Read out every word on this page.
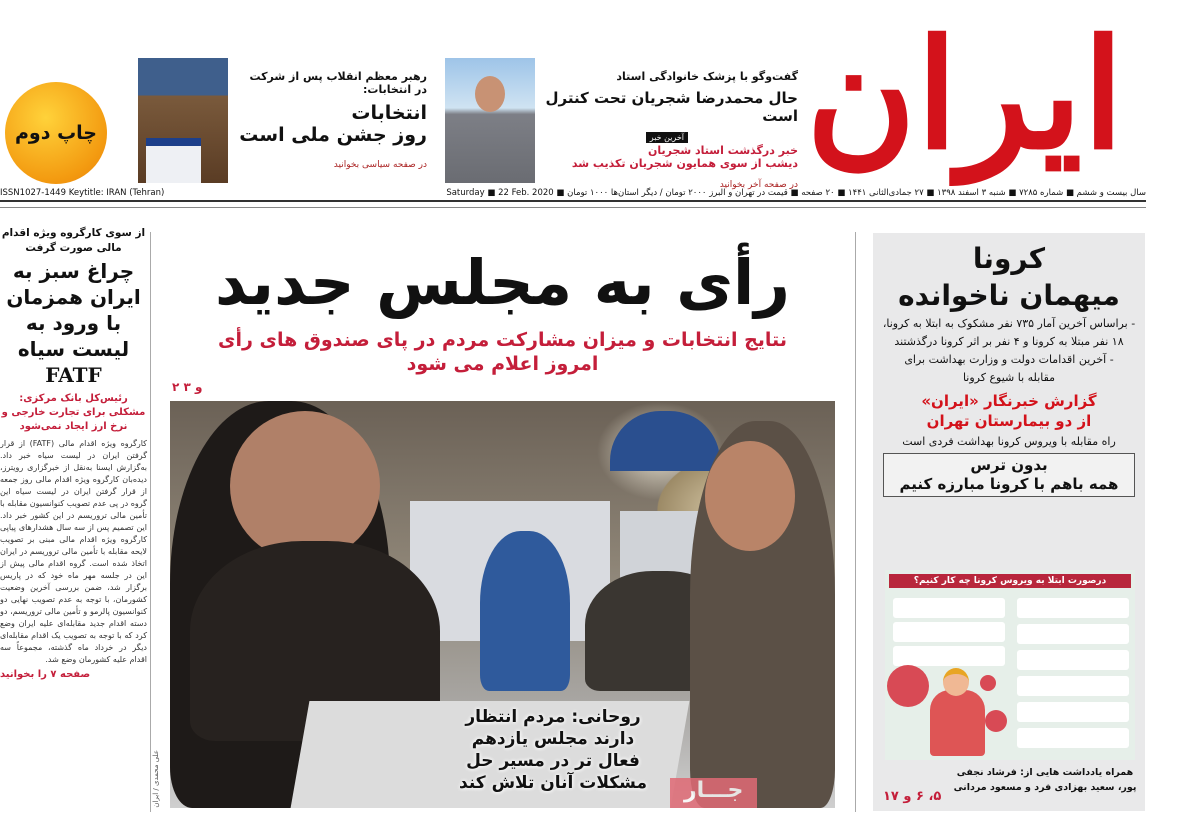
ایران
چاپ دوم
گفت‌وگو با پزشک خانوادگی استاد
حال محمدرضا شجریان تحت کنترل است
آخرین خبر
خبر درگذشت استاد شجریان
دیشب از سوی همایون شجریان تکذیب شد
در صفحه آخر بخوانید
رهبر معظم انقلاب پس از شرکت در انتخابات:
انتخابات
روز جشن ملی است
در صفحه سیاسی بخوانید
ISSN1027-1449 Keytitle: IRAN (Tehran)	سال بیست و ششم ■ شماره ۷۲۸۵ ■ شنبه ۳ اسفند ۱۳۹۸ ■ ۲۷ جمادی‌الثانی ۱۴۴۱ ■ ۲۰ صفحه ■ قیمت در تهران و البرز ۲۰۰۰ تومان / دیگر استان‌ها ۱۰۰۰ تومان ■ Saturday ■ 22 Feb. 2020
از سوی کارگروه ویژه اقدام مالی صورت گرفت
چراغ سبز به ایران همزمان با ورود به لیست سیاه
FATF
رئیس‌کل بانک مرکزی: مشکلی برای تجارت خارجی و نرخ ارز ایجاد نمی‌شود
کارگروه ویژه اقدام مالی (FATF) از قرار گرفتن ایران در لیست سیاه خبر داد. به‌گزارش ایسنا به‌نقل از خبرگزاری رویترز، دیده‌بان کارگروه ویژه اقدام مالی روز جمعه از قرار گرفتن ایران در لیست سیاه این گروه در پی عدم تصویب کنوانسیون مقابله با تأمین مالی تروریسم در این کشور خبر داد. این تصمیم پس از سه سال هشدارهای پیاپی کارگروه ویژه اقدام مالی مبنی بر تصویب لایحه مقابله با تأمین مالی تروریسم در ایران اتخاذ شده است. گروه اقدام مالی پیش از این در جلسه مهر ماه خود که در پاریس برگزار شد، ضمن بررسی آخرین وضعیت کشورمان، با توجه به عدم تصویب نهایی دو کنوانسیون پالرمو و تأمین مالی تروریسم، دو دسته اقدام جدید مقابله‌ای علیه ایران وضع کرد که با توجه به تصویب یک اقدام مقابله‌ای دیگر در خرداد ماه گذشته، مجموعاً سه اقدام علیه کشورمان وضع شد.
صفحه ۷ را بخوانید
رأی به مجلس جدید
نتایج انتخابات و میزان مشارکت مردم در پای صندوق های رأی
امروز اعلام می شود
۲ و ۳
جـــار
روحانی: مردم انتظار دارند مجلس یازدهم فعال تر در مسیر حل مشکلات آنان تلاش کند
علی محمدی / ایران
کرونا
میهمان ناخوانده
- براساس آخرین آمار ۷۳۵ نفر مشکوک به ابتلا به کرونا، ۱۸ نفر مبتلا به کرونا و ۴ نفر بر اثر کرونا درگذشتند
- آخرین اقدامات دولت و وزارت بهداشت برای مقابله با شیوع کرونا
گزارش خبرنگار «ایران» از دو بیمارستان تهران
راه مقابله با ویروس کرونا بهداشت فردی است
بدون ترس
همه باهم با کرونا مبارزه کنیم
همراه یادداشت هایی از: فرشاد نجفی پور، سعید بهزادی فرد و مسعود مردانی
۵، ۶ و ۱۷
درصورت ابتلا به ویروس کرونا چه کار کنیم؟
